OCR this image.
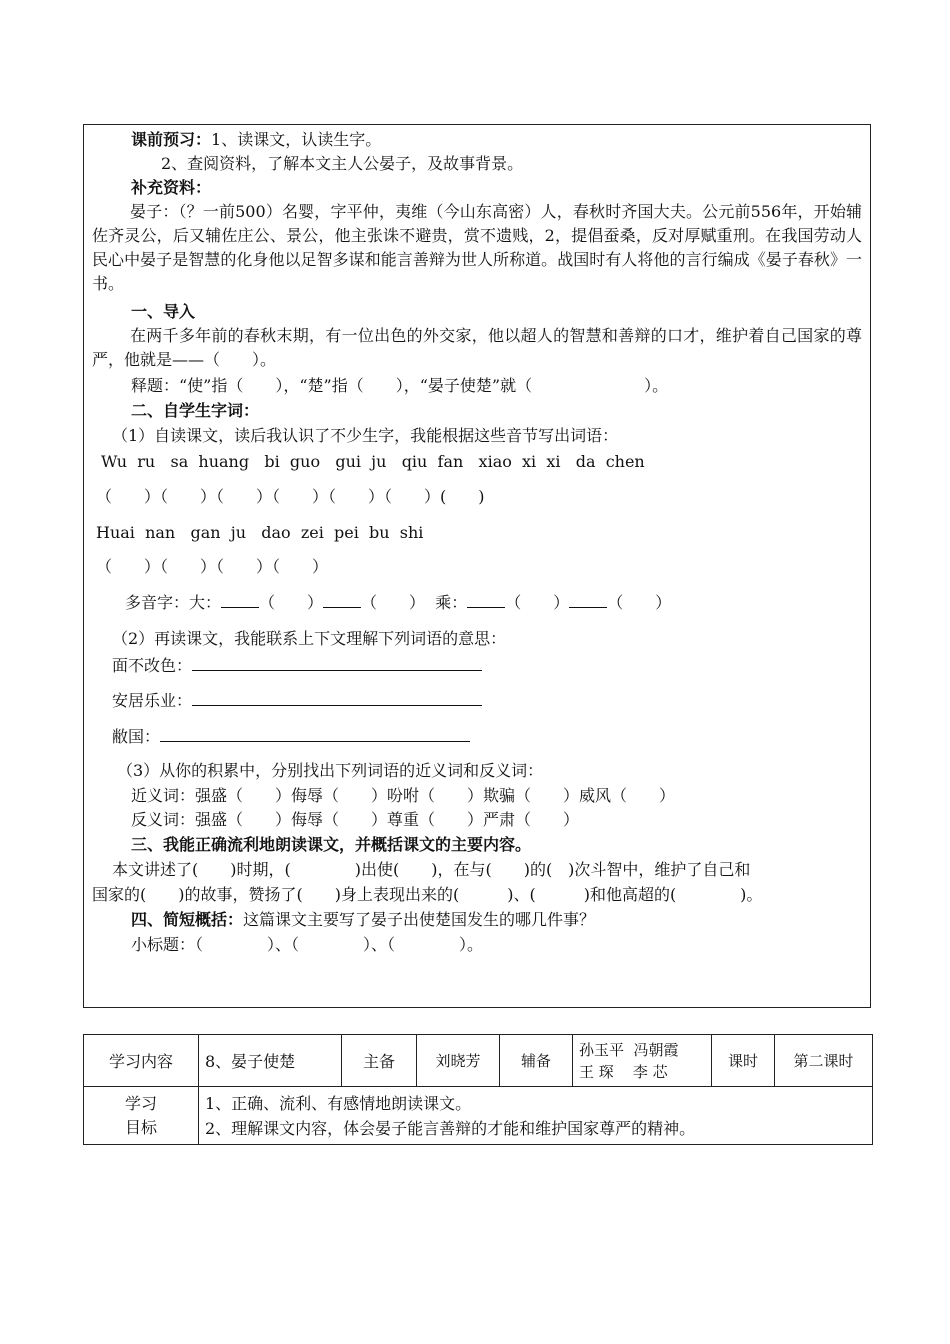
课前预习：1、读课文，认读生字。
2、查阅资料，了解本文主人公晏子，及故事背景。
补充资料：
晏子：（？一前500）名婴，字平仲，夷维（今山东高密）人，春秋时齐国大夫。公元前556年，开始辅佐齐灵公，后又辅佐庄公、景公，他主张诛不避贵，赏不遗贱，2，提倡蚕桑，反对厚赋重刑。在我国劳动人民心中晏子是智慧的化身他以足智多谋和能言善辩为世人所称道。战国时有人将他的言行编成《晏子春秋》一书。
一、导入
在两千多年前的春秋末期，有一位出色的外交家，他以超人的智慧和善辩的口才，维护着自己国家的尊严，他就是——（　　）。
释题：“使”指（　　），“楚”指（　　），“晏子使楚”就（　　　　　　　）。
二、自学生字词：
（1）自读课文，读后我认识了不少生字，我能根据这些音节写出词语：
Wu  ru   sa  huang   bi  guo   gui  ju   qiu  fan   xiao  xi  xi   da  chen
（　　）（　　）（　　）（　　）（　　）（　　）(　　)
Huai  nan   gan  ju   dao  zei  pei  bu  shi
（　　）（　　）（　　）（　　）
多音字：大： （　　） （　　） 乘： （　　） （　　）
（2）再读课文，我能联系上下文理解下列词语的意思：
面不改色：
安居乐业：
敝国：
（3）从你的积累中，分别找出下列词语的近义词和反义词：
近义词：强盛（　　）侮辱（　　）吩咐（　　）欺骗（　　）威风（　　）
反义词：强盛（　　）侮辱（　　）尊重（　　）严肃（　　）
三、我能正确流利地朗读课文，并概括课文的主要内容。
本文讲述了(　　)时期，(　　　　)出使(　　)，在与(　　)的(　)次斗智中，维护了自己和
国家的(　　)的故事，赞扬了(　　)身上表现出来的(　　　)、(　　　)和他高超的(　　　　)。
四、简短概括：这篇课文主要写了晏子出使楚国发生的哪几件事？
小标题：（　　　　）、（　　　　）、（　　　　）。
学习内容	8、晏子使楚	主备	刘晓芳	辅备	孙玉平  冯朝霞
王 琛    李 芯	课时	第二课时
学习
目标	1、正确、流利、有感情地朗读课文。
2、理解课文内容，体会晏子能言善辩的才能和维护国家尊严的精神。						
